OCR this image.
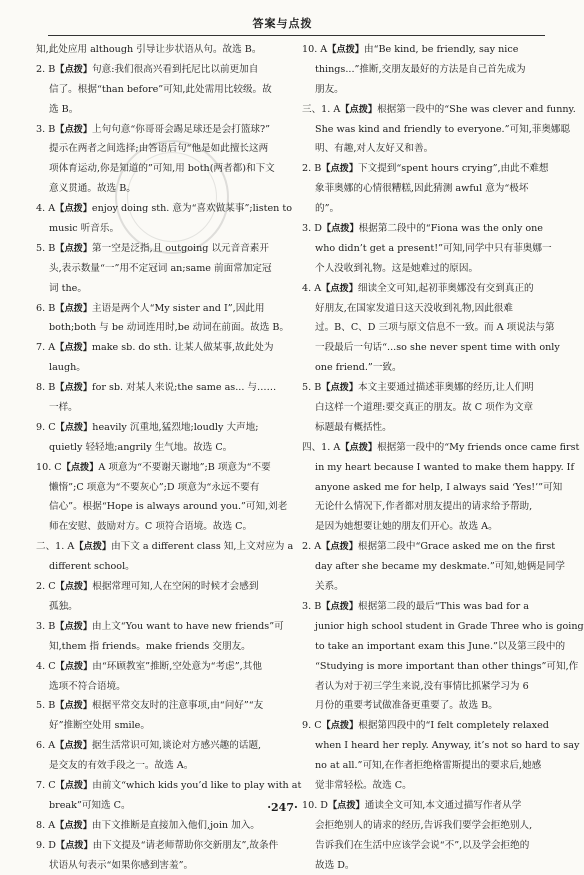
答案与点拨
知,此处应用 although 引导让步状语从句。故选 B。
2. B【点拨】句意:我们很高兴看到托尼比以前更加自
信了。根据“than before”可知,此处需用比较级。故
选 B。
3. B【点拨】上句句意“你哥哥会踢足球还是会打篮球?”
提示在两者之间选择;由答语后句“他是如此擅长这两
项体育运动,你是知道的”可知,用 both(两者都)和下文
意义贯通。故选 B。
4. A【点拨】enjoy doing sth. 意为“喜欢做某事”;listen to
music 听音乐。
5. B【点拨】第一空是泛指,且 outgoing 以元音音素开
头,表示数量“一”用不定冠词 an;same 前面常加定冠
词 the。
6. B【点拨】主语是两个人“My sister and I”,因此用
both;both 与 be 动词连用时,be 动词在前面。故选 B。
7. A【点拨】make sb. do sth. 让某人做某事,故此处为
laugh。
8. B【点拨】for sb. 对某人来说;the same as... 与……
一样。
9. C【点拨】heavily 沉重地,猛烈地;loudly 大声地;
quietly 轻轻地;angrily 生气地。故选 C。
10. C【点拨】A 项意为“不要谢天谢地”;B 项意为“不要
懒惰”;C 项意为“不要灰心”;D 项意为“永远不要有
信心”。根据“Hope is always around you.”可知,刘老
师在安慰、鼓励对方。C 项符合语境。故选 C。
二、1. A【点拨】由下文 a different class 知,上文对应为 a
different school。
2. C【点拨】根据常理可知,人在空闲的时候才会感到
孤独。
3. B【点拨】由上文“You want to have new friends”可
知,them 指 friends。make friends 交朋友。
4. C【点拨】由“环顾教室”推断,空处意为“考虑”,其他
选项不符合语境。
5. B【点拨】根据平常交友时的注意事项,由“问好”“友
好”推断空处用 smile。
6. A【点拨】据生活常识可知,谈论对方感兴趣的话题,
是交友的有效手段之一。故选 A。
7. C【点拨】由前文“which kids you’d like to play with at
break”可知选 C。
8. A【点拨】由下文推断是直接加入他们,join 加入。
9. D【点拨】由下文提及“请老师帮助你交新朋友”,故条件
状语从句表示“如果你感到害羞”。
10. A【点拨】由“Be kind, be friendly, say nice
things...”推断,交朋友最好的方法是自己首先成为
朋友。
三、1. A【点拨】根据第一段中的“She was clever and funny.
She was kind and friendly to everyone.”可知,菲奥娜聪
明、有趣,对人友好又和善。
2. B【点拨】下文提到“spent hours crying”,由此不难想
象菲奥娜的心情很糟糕,因此猜测 awful 意为“极坏
的”。
3. D【点拨】根据第二段中的“Fiona was the only one
who didn’t get a present!”可知,同学中只有菲奥娜一
个人没收到礼物。这是她难过的原因。
4. A【点拨】细读全文可知,起初菲奥娜没有交到真正的
好朋友,在国家发道日这天没收到礼物,因此很难
过。B、C、D 三项与原文信息不一致。而 A 项说法与第
一段最后一句话“...so she never spent time with only
one friend.”一致。
5. B【点拨】本文主要通过描述菲奥娜的经历,让人们明
白这样一个道理:要交真正的朋友。故 C 项作为文章
标题最有概括性。
四、1. A【点拨】根据第一段中的“My friends once came first
in my heart because I wanted to make them happy. If
anyone asked me for help, I always said ‘Yes!’”可知
无论什么情况下,作者都对朋友提出的请求给予帮助,
是因为她想要让她的朋友们开心。故选 A。
2. A【点拨】根据第二段中“Grace asked me on the first
day after she became my deskmate.”可知,她俩是同学
关系。
3. B【点拨】根据第二段的最后“This was bad for a
junior high school student in Grade Three who is going
to take an important exam this June.”以及第三段中的
“Studying is more important than other things”可知,作
者认为对于初三学生来说,没有事情比抓紧学习为 6
月份的重要考试做准备更重要了。故选 B。
9. C【点拨】根据第四段中的“I felt completely relaxed
when I heard her reply. Anyway, it’s not so hard to say
no at all.”可知,在作者拒绝格雷斯提出的要求后,她感
觉非常轻松。故选 C。
10. D【点拨】通读全文可知,本文通过描写作者从学
会拒绝别人的请求的经历,告诉我们要学会拒绝别人,
告诉我们在生活中应该学会说“不”,以及学会拒绝的
故选 D。
·247·
